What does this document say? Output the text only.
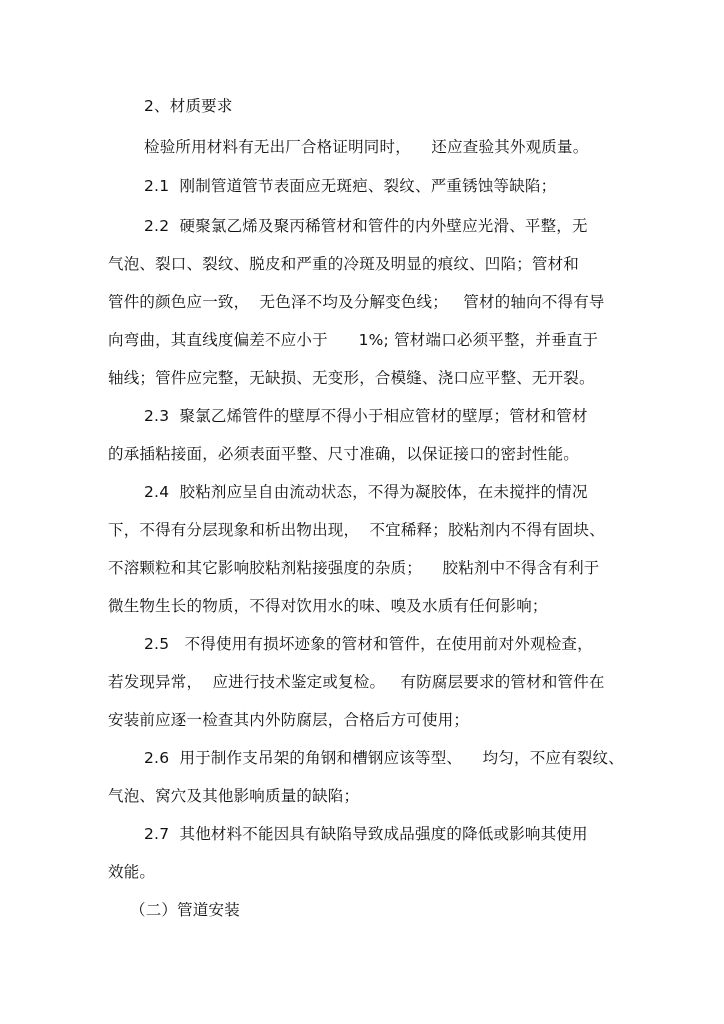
2、材质要求
检验所用材料有无出厂合格证明同时，    还应查验其外观质量。
2.1  刚制管道管节表面应无斑疤、裂纹、严重锈蚀等缺陷；
2.2  硬聚氯乙烯及聚丙稀管材和管件的内外壁应光滑、平整，无
气泡、裂口、裂纹、脱皮和严重的冷斑及明显的痕纹、凹陷；管材和
管件的颜色应一致，  无色泽不均及分解变色线；   管材的轴向不得有导
向弯曲，其直线度偏差不应小于      1%; 管材端口必须平整，并垂直于
轴线；管件应完整，无缺损、无变形，合模缝、浇口应平整、无开裂。
2.3  聚氯乙烯管件的壁厚不得小于相应管材的壁厚；管材和管材
的承插粘接面，必须表面平整、尺寸准确，以保证接口的密封性能。
2.4  胶粘剂应呈自由流动状态，不得为凝胶体，在未搅拌的情况
下，不得有分层现象和析出物出现，  不宜稀释；胶粘剂内不得有固块、
不溶颗粒和其它影响胶粘剂粘接强度的杂质；    胶粘剂中不得含有利于
微生物生长的物质，不得对饮用水的味、嗅及水质有任何影响；
2.5   不得使用有损坏迹象的管材和管件，在使用前对外观检查，
若发现异常，  应进行技术鉴定或复检。   有防腐层要求的管材和管件在
安装前应逐一检查其内外防腐层，合格后方可使用；
2.6  用于制作支吊架的角钢和槽钢应该等型、    均匀，不应有裂纹、
气泡、窝穴及其他影响质量的缺陷；
2.7  其他材料不能因具有缺陷导致成品强度的降低或影响其使用
效能。
（二）管道安装
